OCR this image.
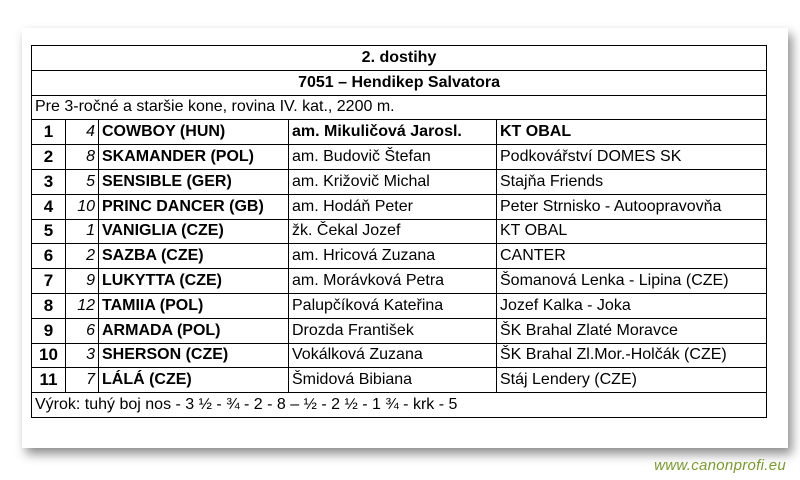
2. dostihy				
7051 – Hendikep Salvatora				
Pre 3-ročné a staršie kone, rovina IV. kat., 2200 m.				
1	4	COWBOY (HUN)	am. Mikuličová Jarosl.	KT OBAL
2	8	SKAMANDER (POL)	am. Budovič Štefan	Podkovářství DOMES SK
3	5	SENSIBLE (GER)	am. Križovič Michal	Stajňa Friends
4	10	PRINC DANCER (GB)	am. Hodáň Peter	Peter Strnisko - Autoopravovňa
5	1	VANIGLIA (CZE)	žk. Čekal Jozef	KT OBAL
6	2	SAZBA (CZE)	am. Hricová Zuzana	CANTER
7	9	LUKYTTA (CZE)	am. Morávková Petra	Šomanová Lenka - Lipina (CZE)
8	12	TAMIIA (POL)	Palupčíková Kateřina	Jozef Kalka - Joka
9	6	ARMADA (POL)	Drozda František	ŠK Brahal Zlaté Moravce
10	3	SHERSON (CZE)	Vokálková Zuzana	ŠK Brahal Zl.Mor.-Holčák (CZE)
11	7	LÁLÁ (CZE)	Šmidová Bibiana	Stáj Lendery (CZE)
Výrok: tuhý boj nos - 3 ½ - ¾ - 2 - 8 – ½ - 2 ½ - 1 ¾ - krk - 5				
www.canonprofi.eu
